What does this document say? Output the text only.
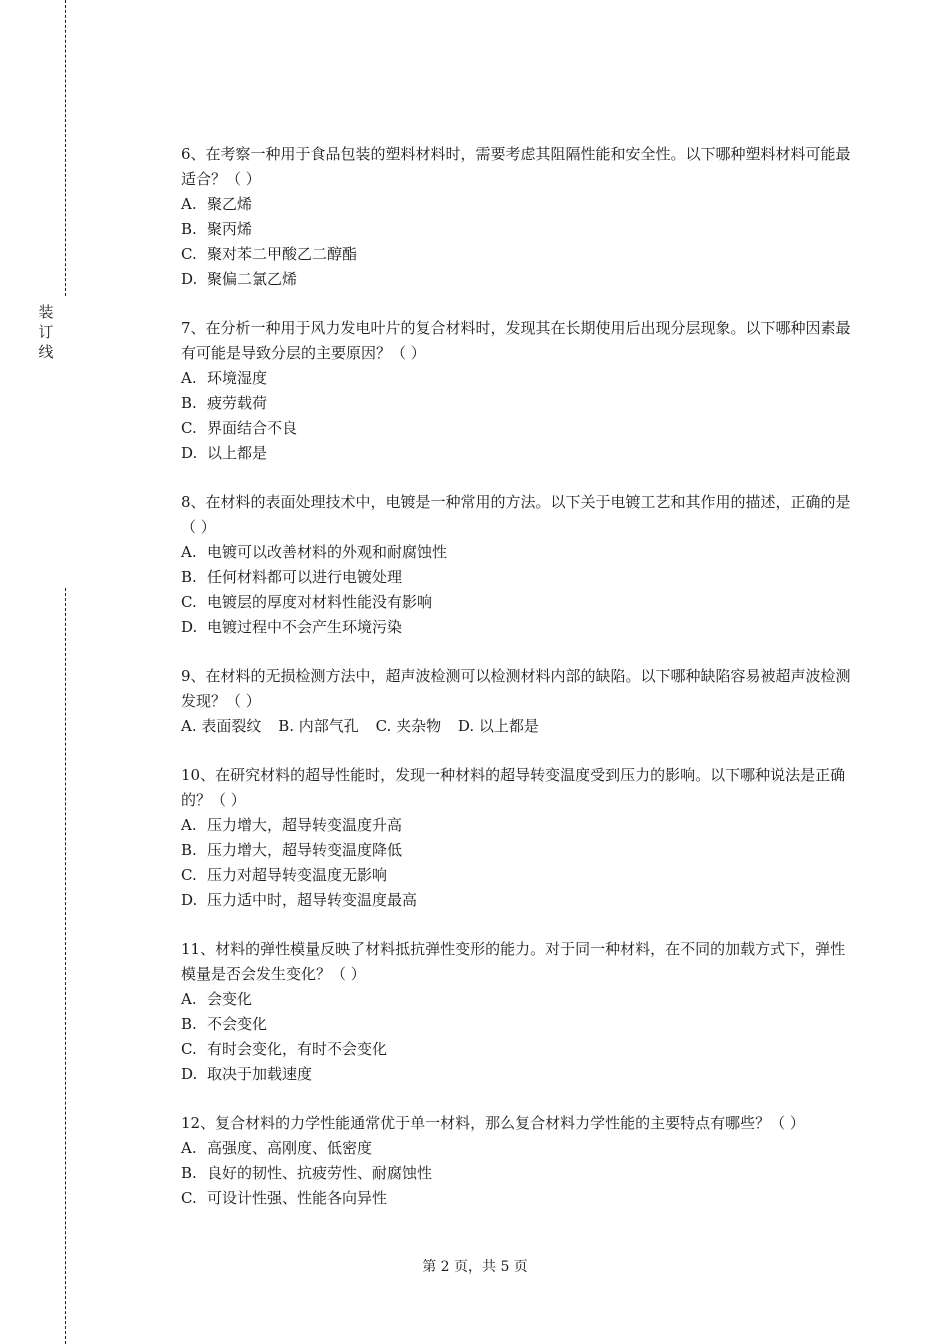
装
订
线
6、在考察一种用于食品包装的塑料材料时，需要考虑其阻隔性能和安全性。以下哪种塑料材料可能最适合？（ ）
A. 聚乙烯
B. 聚丙烯
C. 聚对苯二甲酸乙二醇酯
D. 聚偏二氯乙烯
7、在分析一种用于风力发电叶片的复合材料时，发现其在长期使用后出现分层现象。以下哪种因素最有可能是导致分层的主要原因？（ ）
A. 环境湿度
B. 疲劳载荷
C. 界面结合不良
D. 以上都是
8、在材料的表面处理技术中，电镀是一种常用的方法。以下关于电镀工艺和其作用的描述，正确的是（ ）
A. 电镀可以改善材料的外观和耐腐蚀性
B. 任何材料都可以进行电镀处理
C. 电镀层的厚度对材料性能没有影响
D. 电镀过程中不会产生环境污染
9、在材料的无损检测方法中，超声波检测可以检测材料内部的缺陷。以下哪种缺陷容易被超声波检测发现？（ ）
A. 表面裂纹 B. 内部气孔 C. 夹杂物 D. 以上都是
10、在研究材料的超导性能时，发现一种材料的超导转变温度受到压力的影响。以下哪种说法是正确的？（ ）
A. 压力增大，超导转变温度升高
B. 压力增大，超导转变温度降低
C. 压力对超导转变温度无影响
D. 压力适中时，超导转变温度最高
11、材料的弹性模量反映了材料抵抗弹性变形的能力。对于同一种材料，在不同的加载方式下，弹性模量是否会发生变化？（ ）
A. 会变化
B. 不会变化
C. 有时会变化，有时不会变化
D. 取决于加载速度
12、复合材料的力学性能通常优于单一材料，那么复合材料力学性能的主要特点有哪些？（ ）
A. 高强度、高刚度、低密度
B. 良好的韧性、抗疲劳性、耐腐蚀性
C. 可设计性强、性能各向异性
第 2 页，共 5 页
